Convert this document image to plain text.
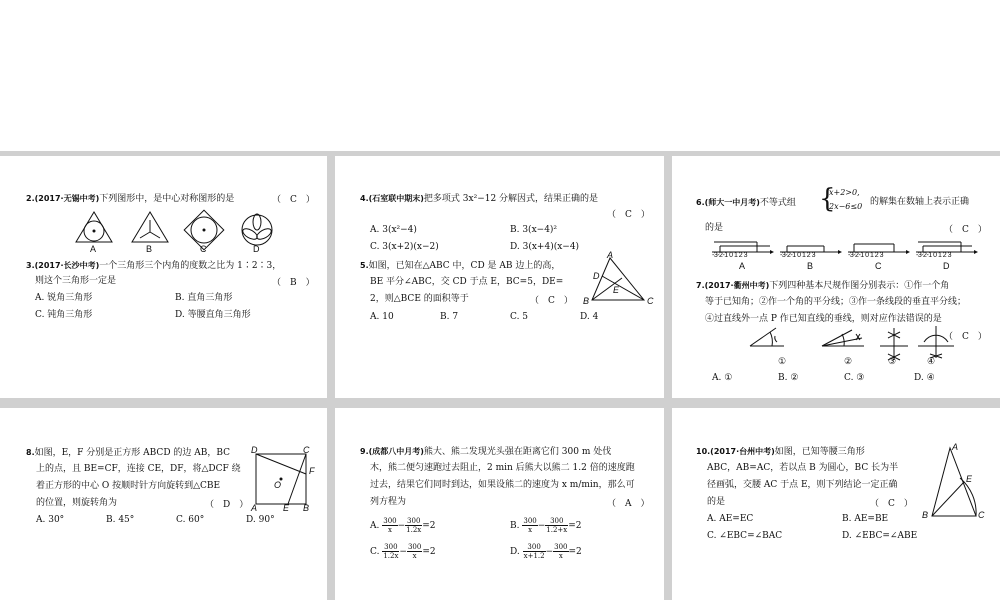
2.(2017·无锡中考)下列图形中，是中心对称图形的是	（　C　）
A	B	C	D
3.(2017·长沙中考)一个三角形三个内角的度数之比为 1∶2∶3，
则这个三角形一定是	（　B　）
A. 锐角三角形	B. 直角三角形
C. 钝角三角形	D. 等腰直角三角形
4.(石室联中期末)把多项式 3x²−12 分解因式，结果正确的是
（　C　）
A. 3(x²−4)	B. 3(x−4)²
C. 3(x+2)(x−2)	D. 3(x+4)(x−4)
5.如图，已知在△ABC 中，CD 是 AB 边上的高，
BE 平分∠ABC，交 CD 于点 E，BC=5，DE=
2，则△BCE 的面积等于	（　C　）
A. 10	B. 7	C. 5	D. 4
A
D
E
B	C
6.(师大一中月考)不等式组 {
x+2>0,
2x−6≤0 的解集在数轴上表示正确
的是	（　C　）
-3-2-1 0 1 2 3	-3-2-1 0 1 2 3	-3-2-1 0 1 2 3	-3-2-1 0 1 2 3
A	B	C	D
7.(2017·衢州中考)下列四种基本尺规作图分别表示：①作一个角
等于已知角；②作一个角的平分线；③作一条线段的垂直平分线；
④过直线外一点 P 作已知直线的垂线，则对应作法错误的是
（　C　）
①	②	③	④
A. ①	B. ②	C. ③	D. ④
8.如图，E，F 分别是正方形 ABCD 的边 AB，BC
上的点，且 BE=CF，连接 CE，DF，将△DCF 绕
着正方形的中心 O 按顺时针方向旋转到△CBE
的位置，则旋转角为	（　D　）
A. 30°	B. 45°	C. 60°	D. 90°
D	C
F
O
A	E B
9.(成都八中月考)熊大、熊二发现光头强在距离它们 300 m 处伐
木，熊二便匀速跑过去阻止，2 min 后熊大以熊二 1.2 倍的速度跑
过去，结果它们同时到达，如果设熊二的速度为 x m/min，那么可
列方程为	（　A　）
A. $\frac{300}{x} - \frac{300}{1.2x} =2$	B. $\frac{300}{x} - \frac{300}{1.2+x} =2$
C. $\frac{300}{1.2x} - \frac{300}{x} =2$	D. $\frac{300}{x+1.2} - \frac{300}{x} =2$
10.(2017·台州中考)如图，已知等腰三角形
ABC，AB=AC，若以点 B 为圆心，BC 长为半
径画弧，交腰 AC 于点 E，则下列结论一定正确
的是	（　C　）
A. AE=EC	B. AE=BE
C. ∠EBC=∠BAC	D. ∠EBC=∠ABE
A
E
B	C
